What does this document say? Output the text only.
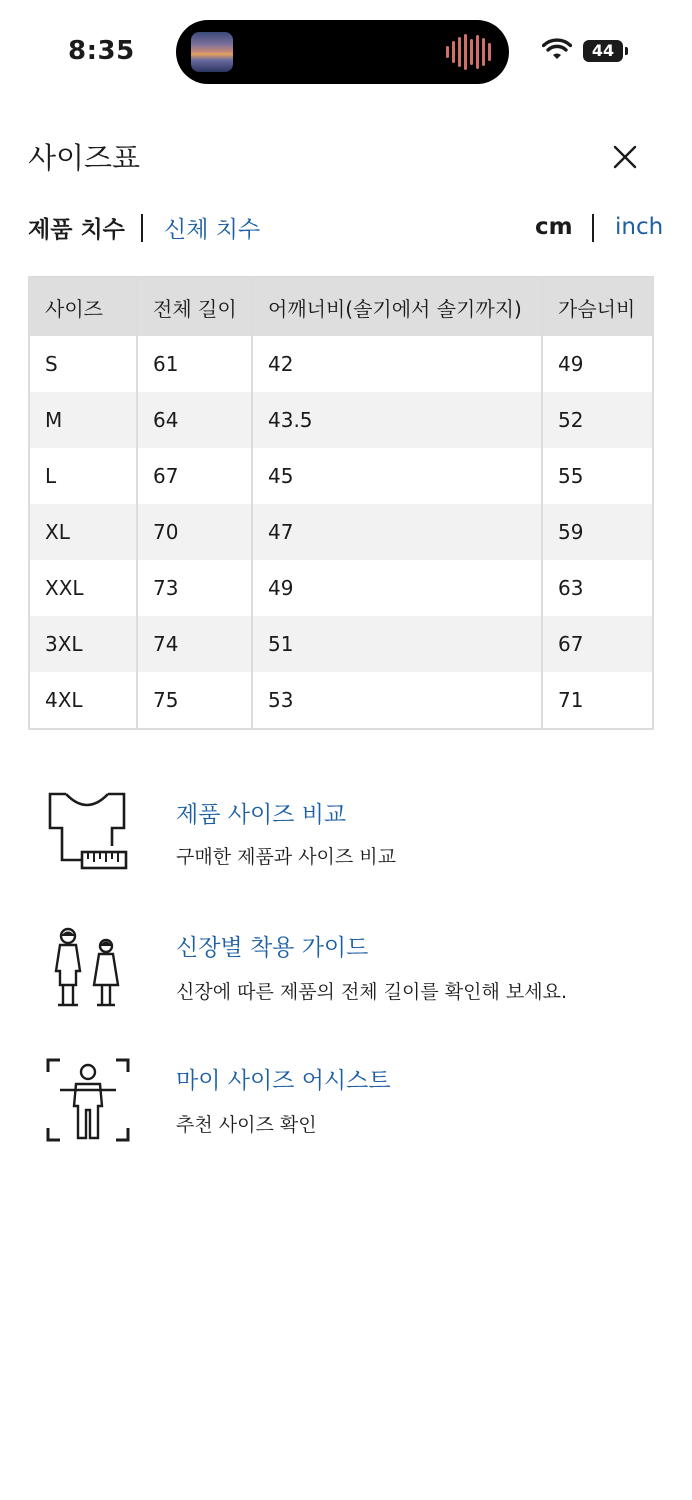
8:35	44
사이즈표
제품 치수 신체 치수	cm inch
사이즈	전체 길이	어깨너비(솔기에서 솔기까지)	가슴너비
S	61	42	49
M	64	43.5	52
L	67	45	55
XL	70	47	59
XXL	73	49	63
3XL	74	51	67
4XL	75	53	71
제품 사이즈 비교
구매한 제품과 사이즈 비교
신장별 착용 가이드
신장에 따른 제품의 전체 길이를 확인해 보세요.
마이 사이즈 어시스트
추천 사이즈 확인
